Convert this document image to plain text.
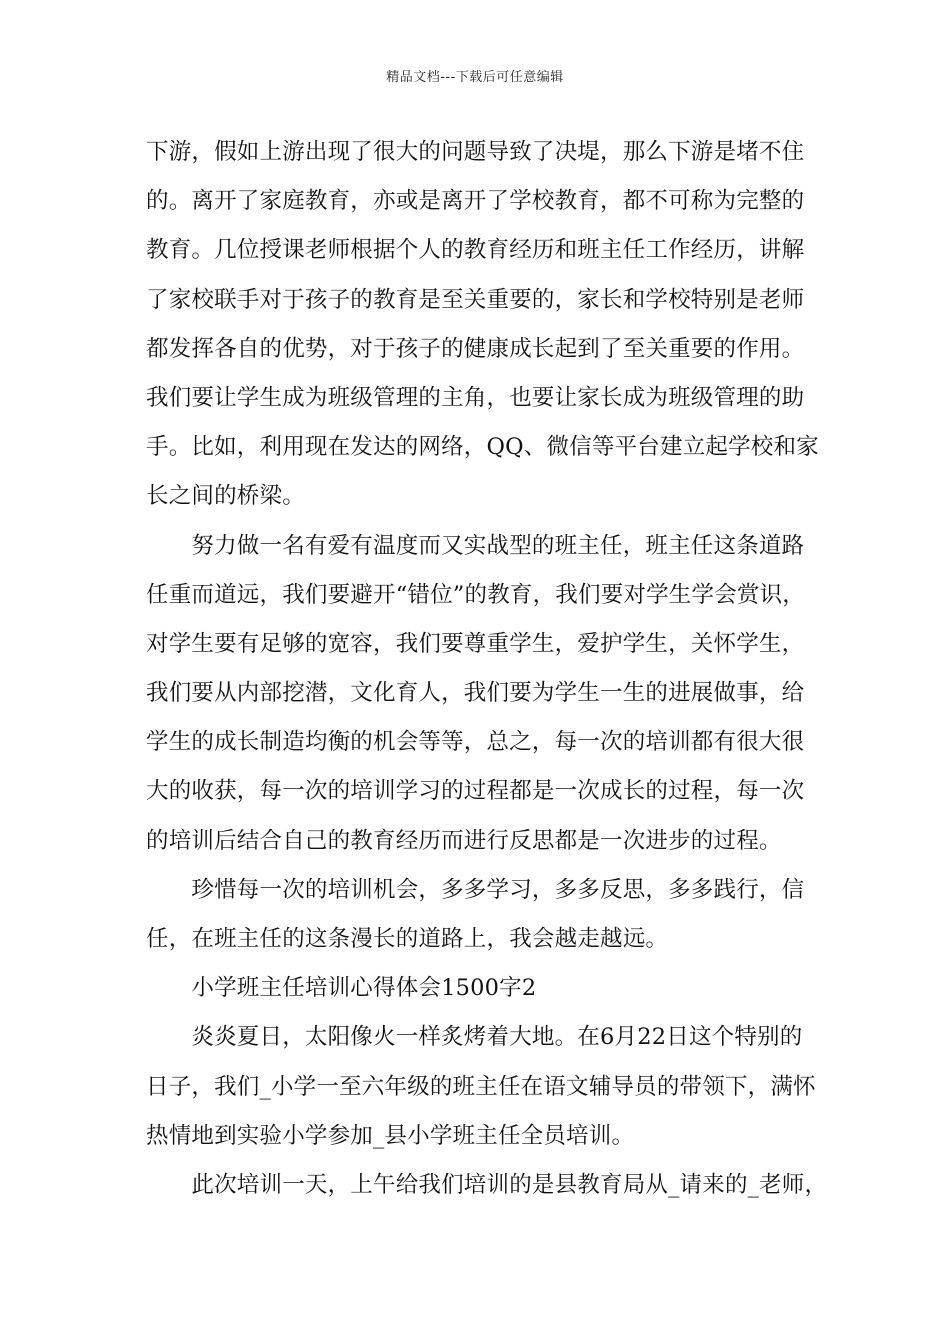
精品文档---下载后可任意编辑
下游，假如上游出现了很大的问题导致了决堤，那么下游是堵不住
的。离开了家庭教育，亦或是离开了学校教育，都不可称为完整的
教育。几位授课老师根据个人的教育经历和班主任工作经历，讲解
了家校联手对于孩子的教育是至关重要的，家长和学校特别是老师
都发挥各自的优势，对于孩子的健康成长起到了至关重要的作用。
我们要让学生成为班级管理的主角，也要让家长成为班级管理的助
手。比如，利用现在发达的网络，QQ、微信等平台建立起学校和家
长之间的桥梁。
　　努力做一名有爱有温度而又实战型的班主任，班主任这条道路
任重而道远，我们要避开“错位”的教育，我们要对学生学会赏识，
对学生要有足够的宽容，我们要尊重学生，爱护学生，关怀学生，
我们要从内部挖潜，文化育人，我们要为学生一生的进展做事，给
学生的成长制造均衡的机会等等，总之，每一次的培训都有很大很
大的收获，每一次的培训学习的过程都是一次成长的过程，每一次
的培训后结合自己的教育经历而进行反思都是一次进步的过程。
　　珍惜每一次的培训机会，多多学习，多多反思，多多践行，信
任，在班主任的这条漫长的道路上，我会越走越远。
　　小学班主任培训心得体会1500字2
　　炎炎夏日，太阳像火一样炙烤着大地。在6月22日这个特别的
日子，我们_小学一至六年级的班主任在语文辅导员的带领下，满怀
热情地到实验小学参加_县小学班主任全员培训。
　　此次培训一天，上午给我们培训的是县教育局从_请来的_老师，
